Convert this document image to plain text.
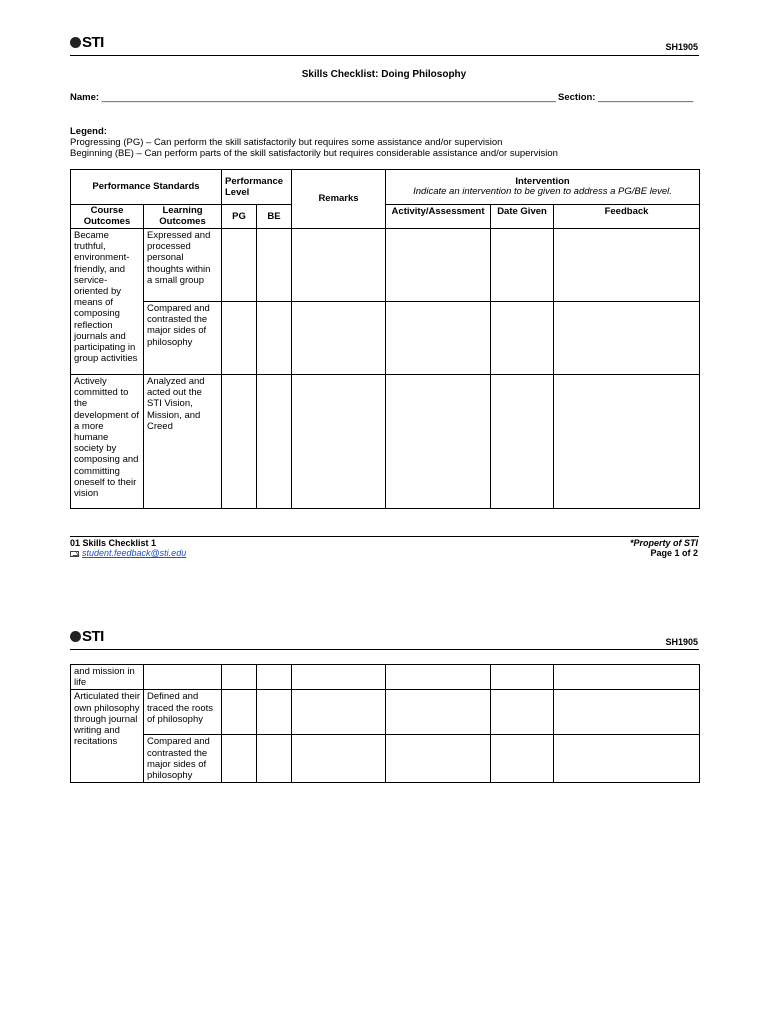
STI	SH1905
Skills Checklist: Doing Philosophy
Name: ______________________________________________________________________________________ Section: __________________
Legend:
Progressing (PG) – Can perform the skill satisfactorily but requires some assistance and/or supervision
Beginning (BE) – Can perform parts of the skill satisfactorily but requires considerable assistance and/or supervision
Performance Standards		Performance Level		Remarks	Intervention
Indicate an intervention to be given to address a PG/BE level.		

Course Outcomes	Learning Outcomes	PG	BE		Activity/Assessment	Date Given	Feedback
Became truthful, environment-friendly, and service-oriented by means of composing reflection journals and participating in group activities	Expressed and processed personal thoughts within a small group						
	Compared and contrasted the major sides of philosophy						
Actively committed to the development of a more humane society by composing and committing oneself to their vision	Analyzed and acted out the STI Vision, Mission, and Creed						
01 Skills Checklist 1
student.feedback@sti.edu
*Property of STI
Page 1 of 2
STI	SH1905
and mission in life							
Articulated their own philosophy through journal writing and recitations	Defined and traced the roots of philosophy						
	Compared and contrasted the major sides of philosophy						
